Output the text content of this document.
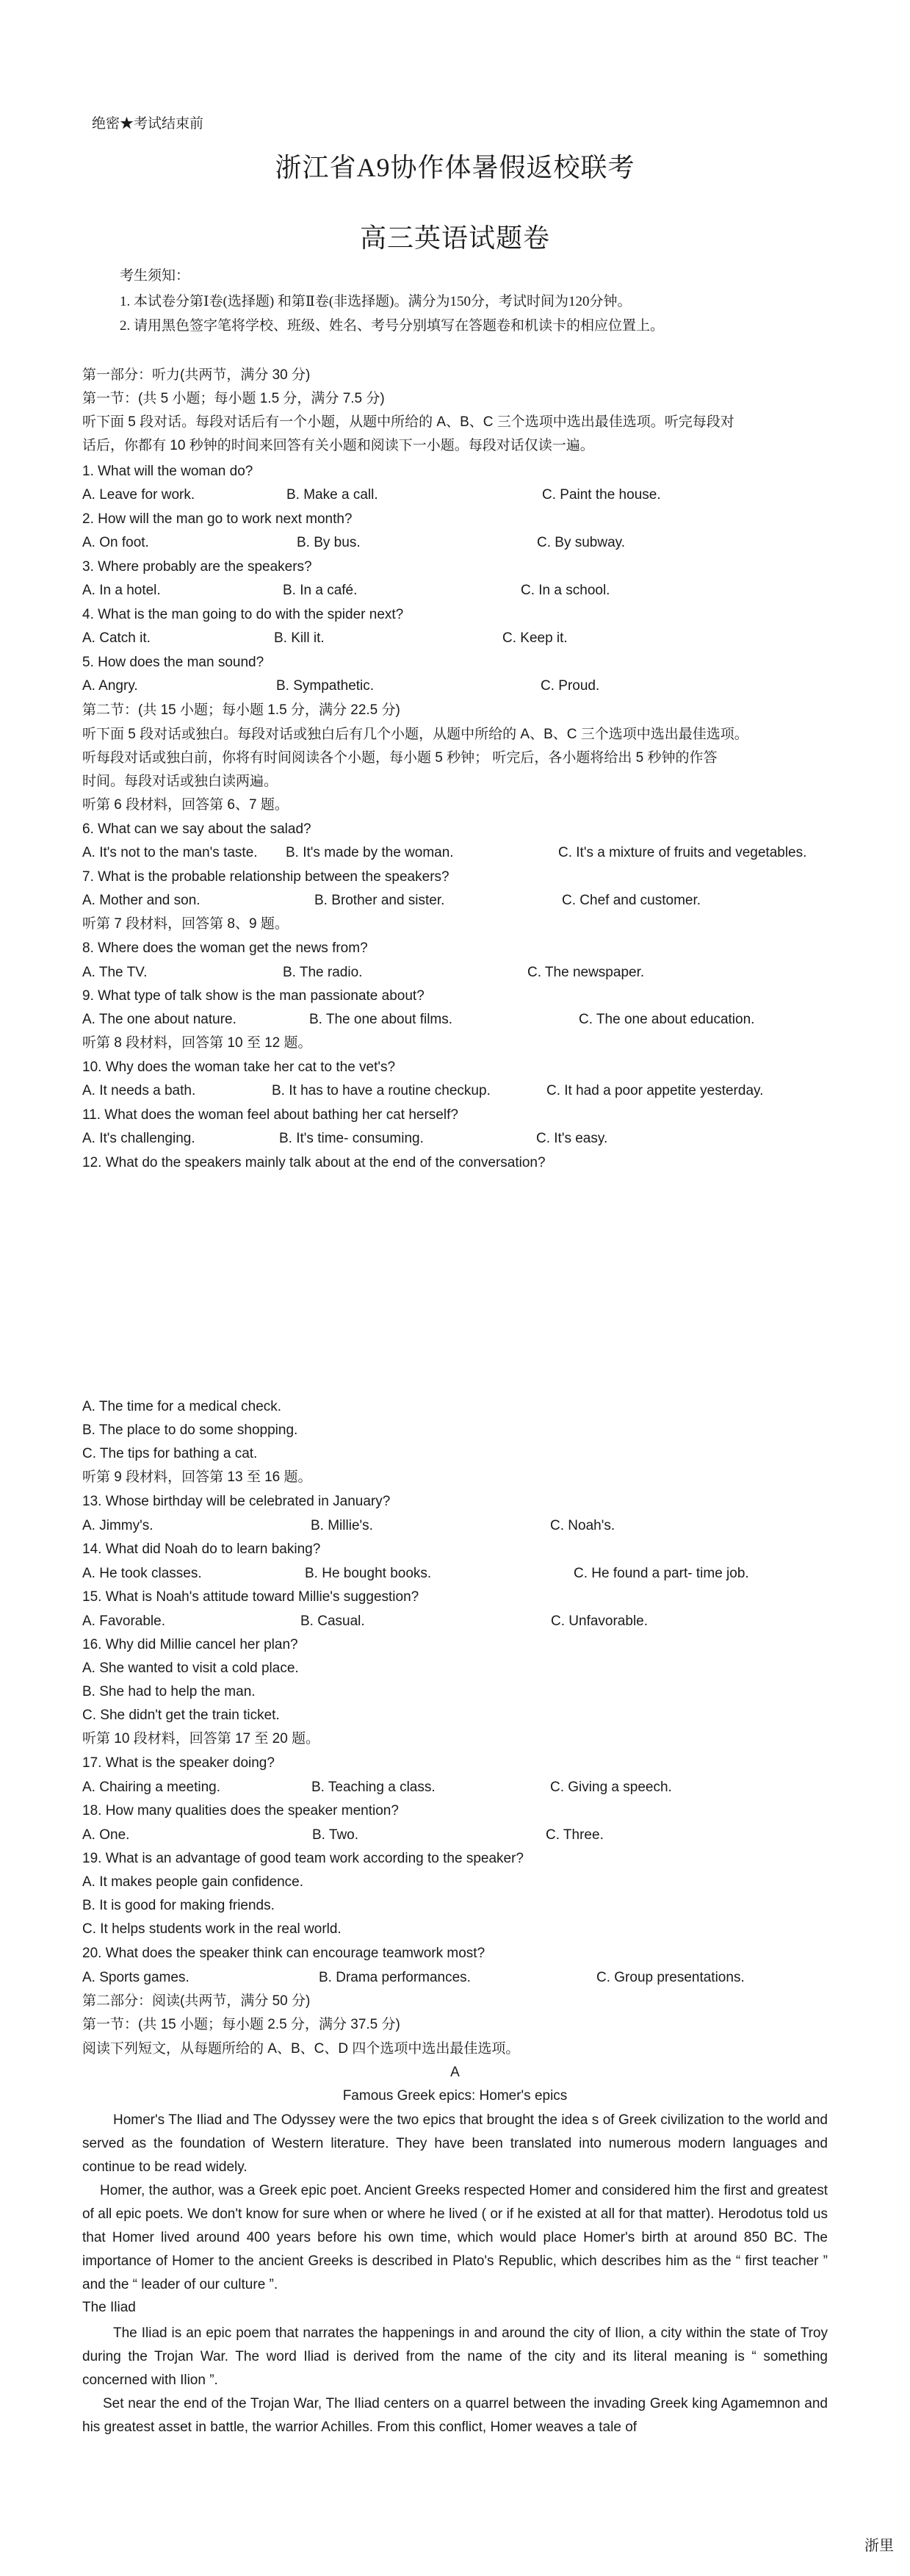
绝密★考试结束前
浙江省A9协作体暑假返校联考
高三英语试题卷
考生须知：
1. 本试卷分第Ⅰ卷(选择题) 和第Ⅱ卷(非选择题)。满分为150分，考试时间为120分钟。
2. 请用黑色签字笔将学校、班级、姓名、考号分别填写在答题卷和机读卡的相应位置上。
第一部分：听力(共两节，满分 30 分)
第一节：(共 5 小题；每小题 1.5 分，满分 7.5 分)
听下面 5 段对话。每段对话后有一个小题，从题中所给的 A、B、C 三个选项中选出最佳选项。听完每段对
话后，你都有 10 秒钟的时间来回答有关小题和阅读下一小题。每段对话仅读一遍。
1. What will the woman do?
A. Leave for work.	B. Make a call.	C. Paint the house.
2. How will the man go to work next month?
A. On foot.	B. By bus.	C. By subway.
3. Where probably are the speakers?
A. In a hotel.	B. In a café.	C. In a school.
4. What is the man going to do with the spider next?
A. Catch it.	B. Kill it.	C. Keep it.
5. How does the man sound?
A. Angry.	B. Sympathetic.	C. Proud.
第二节：(共 15 小题；每小题 1.5 分，满分 22.5 分)
听下面 5 段对话或独白。每段对话或独白后有几个小题，从题中所给的 A、B、C 三个选项中选出最佳选项。
听每段对话或独白前，你将有时间阅读各个小题，每小题 5 秒钟； 听完后，各小题将给出 5 秒钟的作答
时间。每段对话或独白读两遍。
听第 6 段材料，回答第 6、7 题。
6. What can we say about the salad?
A. It's not to the man's taste. B. It's made by the woman.	C. It's a mixture of fruits and vegetables.
7. What is the probable relationship between the speakers?
A. Mother and son.	B. Brother and sister.	C. Chef and customer.
听第 7 段材料，回答第 8、9 题。
8. Where does the woman get the news from?
A. The TV.	B. The radio.	C. The newspaper.
9. What type of talk show is the man passionate about?
A. The one about nature.	B. The one about films.	C. The one about education.
听第 8 段材料，回答第 10 至 12 题。
10. Why does the woman take her cat to the vet's?
A. It needs a bath.	B. It has to have a routine checkup.	C. It had a poor appetite yesterday.
11. What does the woman feel about bathing her cat herself?
A. It's challenging.	B. It's time- consuming.	C. It's easy.
12. What do the speakers mainly talk about at the end of the conversation?
A. The time for a medical check.
B. The place to do some shopping.
C. The tips for bathing a cat.
听第 9 段材料，回答第 13 至 16 题。
13. Whose birthday will be celebrated in January?
A. Jimmy's.	B. Millie's.	C. Noah's.
14. What did Noah do to learn baking?
A. He took classes.	B. He bought books.	C. He found a part- time job.
15. What is Noah's attitude toward Millie's suggestion?
A. Favorable.	B. Casual.	C. Unfavorable.
16. Why did Millie cancel her plan?
A. She wanted to visit a cold place.
B. She had to help the man.
C. She didn't get the train ticket.
听第 10 段材料，回答第 17 至 20 题。
17. What is the speaker doing?
A. Chairing a meeting.	B. Teaching a class.	C. Giving a speech.
18. How many qualities does the speaker mention?
A. One.	B. Two.	C. Three.
19. What is an advantage of good team work according to the speaker?
A. It makes people gain confidence.
B. It is good for making friends.
C. It helps students work in the real world.
20. What does the speaker think can encourage teamwork most?
A. Sports games.	B. Drama performances.	C. Group presentations.
第二部分：阅读(共两节，满分 50 分)
第一节：(共 15 小题；每小题 2.5 分，满分 37.5 分)
阅读下列短文，从每题所给的 A、B、C、D 四个选项中选出最佳选项。
A
Famous Greek epics: Homer's epics
Homer's The Iliad and The Odyssey were the two epics that brought the idea s of Greek civilization to the world and served as the foundation of Western literature. They have been translated into numerous modern languages and continue to be read widely.
Homer, the author, was a Greek epic poet. Ancient Greeks respected Homer and considered him the first and greatest of all epic poets. We don't know for sure when or where he lived ( or if he existed at all for that matter). Herodotus told us that Homer lived around 400 years before his own time, which would place Homer's birth at around 850 BC. The importance of Homer to the ancient Greeks is described in Plato's Republic, which describes him as the “ first teacher ” and the “ leader of our culture ”.
The Iliad
The Iliad is an epic poem that narrates the happenings in and around the city of Ilion, a city within the state of Troy during the Trojan War. The word Iliad is derived from the name of the city and its literal meaning is “ something concerned with Ilion ”.
Set near the end of the Trojan War, The Iliad centers on a quarrel between the invading Greek king Agamemnon and his greatest asset in battle, the warrior Achilles. From this conflict, Homer weaves a tale of
浙里
